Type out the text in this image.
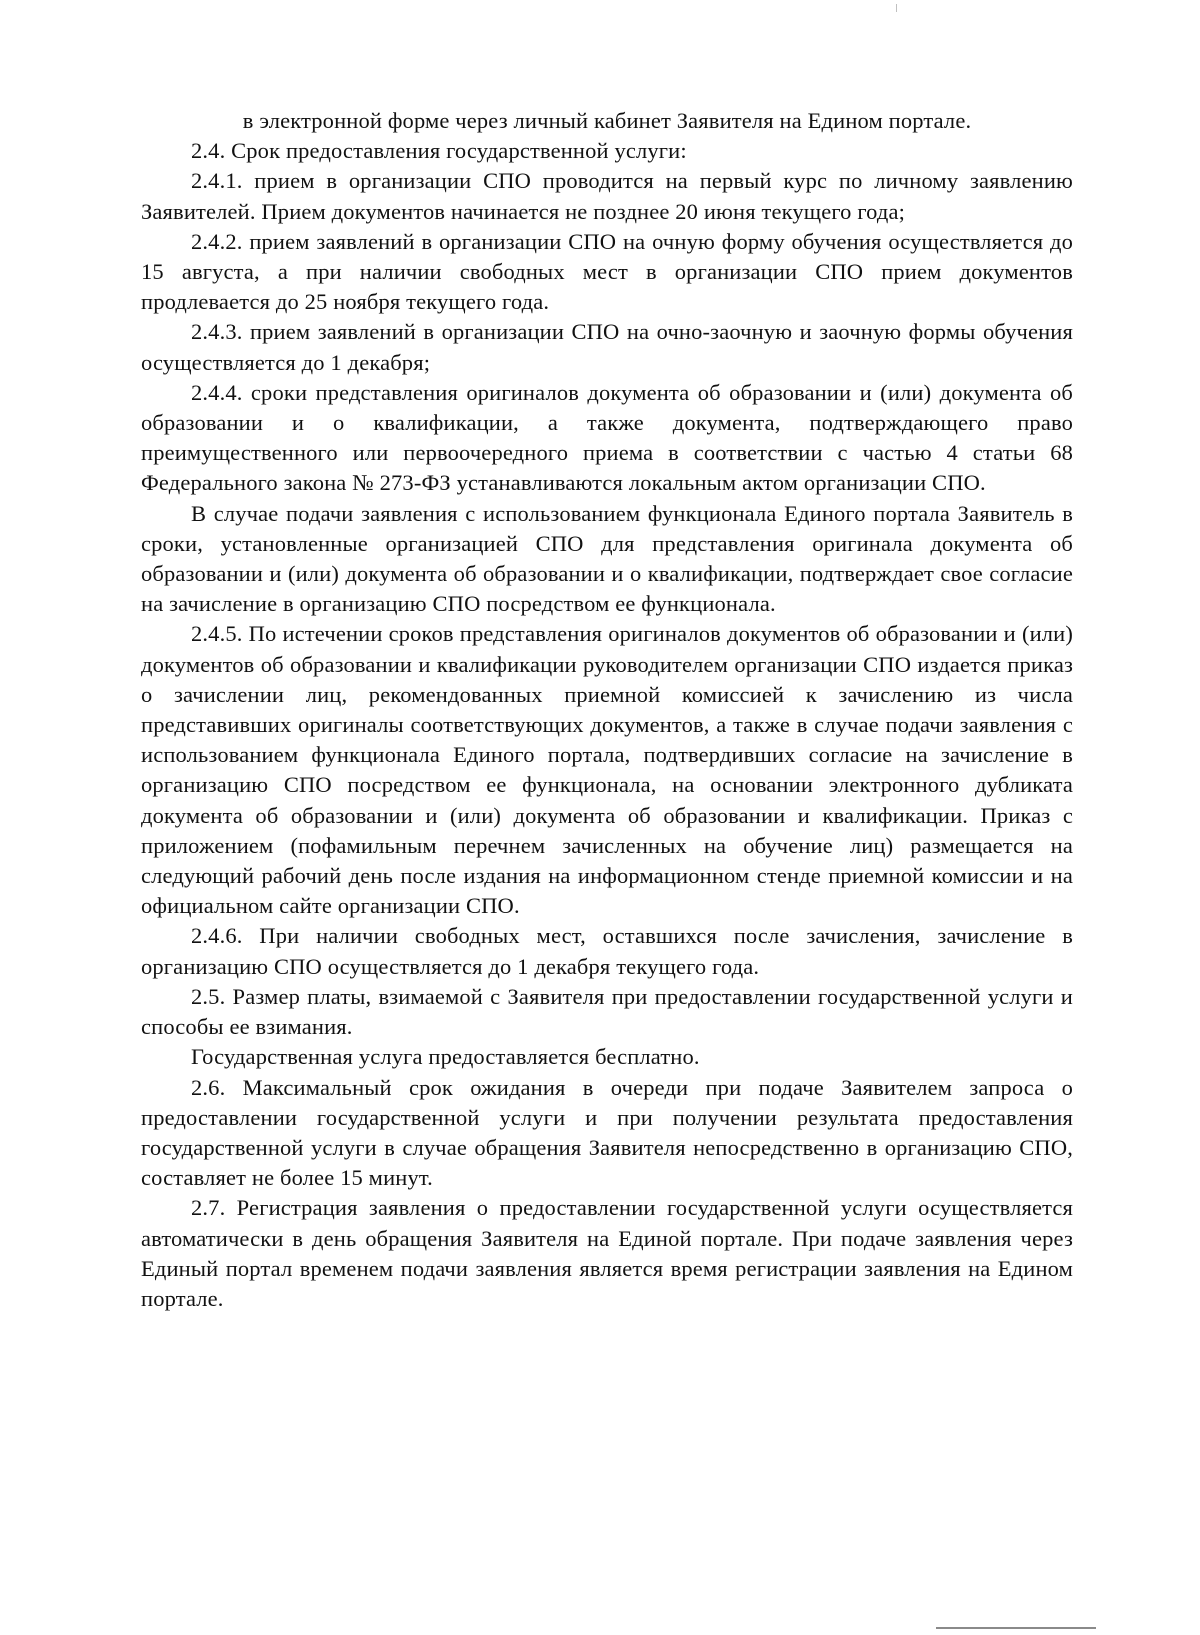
в электронной форме через личный кабинет Заявителя на Едином портале.

2.4. Срок предоставления государственной услуги:

2.4.1. прием в организации СПО проводится на первый курс по личному заявлению Заявителей. Прием документов начинается не позднее 20 июня текущего года;

2.4.2. прием заявлений в организации СПО на очную форму обучения осуществляется до 15 августа, а при наличии свободных мест в организации СПО прием документов продлевается до 25 ноября текущего года.

2.4.3. прием заявлений в организации СПО на очно-заочную и заочную формы обучения осуществляется до 1 декабря;

2.4.4. сроки представления оригиналов документа об образовании и (или) документа об образовании и о квалификации, а также документа, подтверждающего право преимущественного или первоочередного приема в соответствии с частью 4 статьи 68 Федерального закона № 273-ФЗ устанавливаются локальным актом организации СПО.

В случае подачи заявления с использованием функционала Единого портала Заявитель в сроки, установленные организацией СПО для представления оригинала документа об образовании и (или) документа об образовании и о квалификации, подтверждает свое согласие на зачисление в организацию СПО посредством ее функционала.

2.4.5. По истечении сроков представления оригиналов документов об образовании и (или) документов об образовании и квалификации руководителем организации СПО издается приказ о зачислении лиц, рекомендованных приемной комиссией к зачислению из числа представивших оригиналы соответствующих документов, а также в случае подачи заявления с использованием функционала Единого портала, подтвердивших согласие на зачисление в организацию СПО посредством ее функционала, на основании электронного дубликата документа об образовании и (или) документа об образовании и квалификации. Приказ с приложением (пофамильным перечнем зачисленных на обучение лиц) размещается на следующий рабочий день после издания на информационном стенде приемной комиссии и на официальном сайте организации СПО.

2.4.6. При наличии свободных мест, оставшихся после зачисления, зачисление в организацию СПО осуществляется до 1 декабря текущего года.

2.5. Размер платы, взимаемой с Заявителя при предоставлении государственной услуги и способы ее взимания.

Государственная услуга предоставляется бесплатно.

2.6. Максимальный срок ожидания в очереди при подаче Заявителем запроса о предоставлении государственной услуги и при получении результата предоставления государственной услуги в случае обращения Заявителя непосредственно в организацию СПО, составляет не более 15 минут.

2.7. Регистрация заявления о предоставлении государственной услуги осуществляется автоматически в день обращения Заявителя на Единой портале. При подаче заявления через Единый портал временем подачи заявления является время регистрации заявления на Едином портале.
